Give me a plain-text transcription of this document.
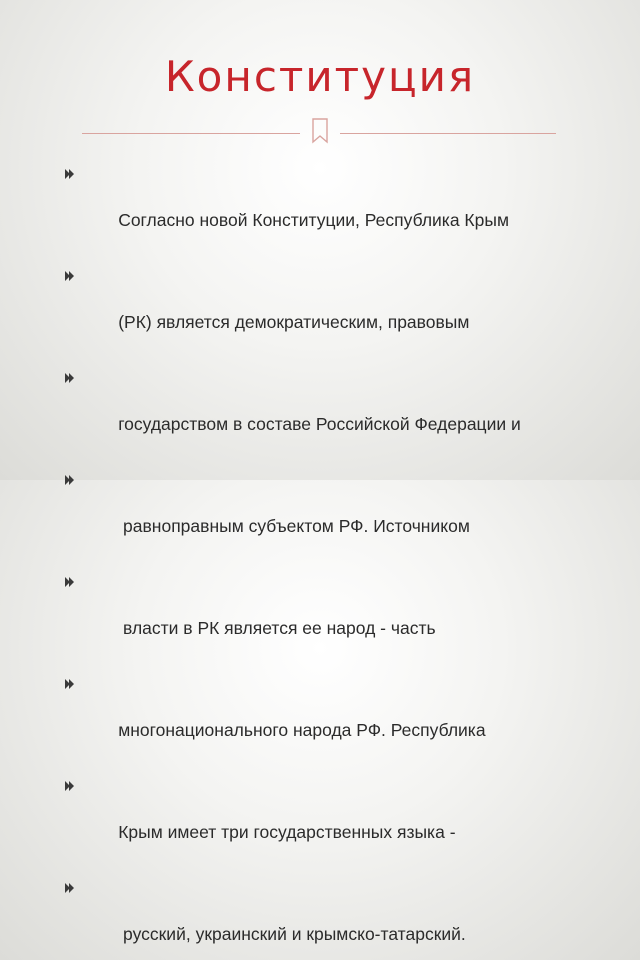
Конституция

Согласно новой Конституции, Республика Крым

(РК) является демократическим, правовым

государством в составе Российской Федерации и

равноправным субъектом РФ. Источником

власти в РК является ее народ - часть

многонационального народа РФ. Республика

Крым имеет три государственных языка -

русский, украинский и крымско-татарский.
